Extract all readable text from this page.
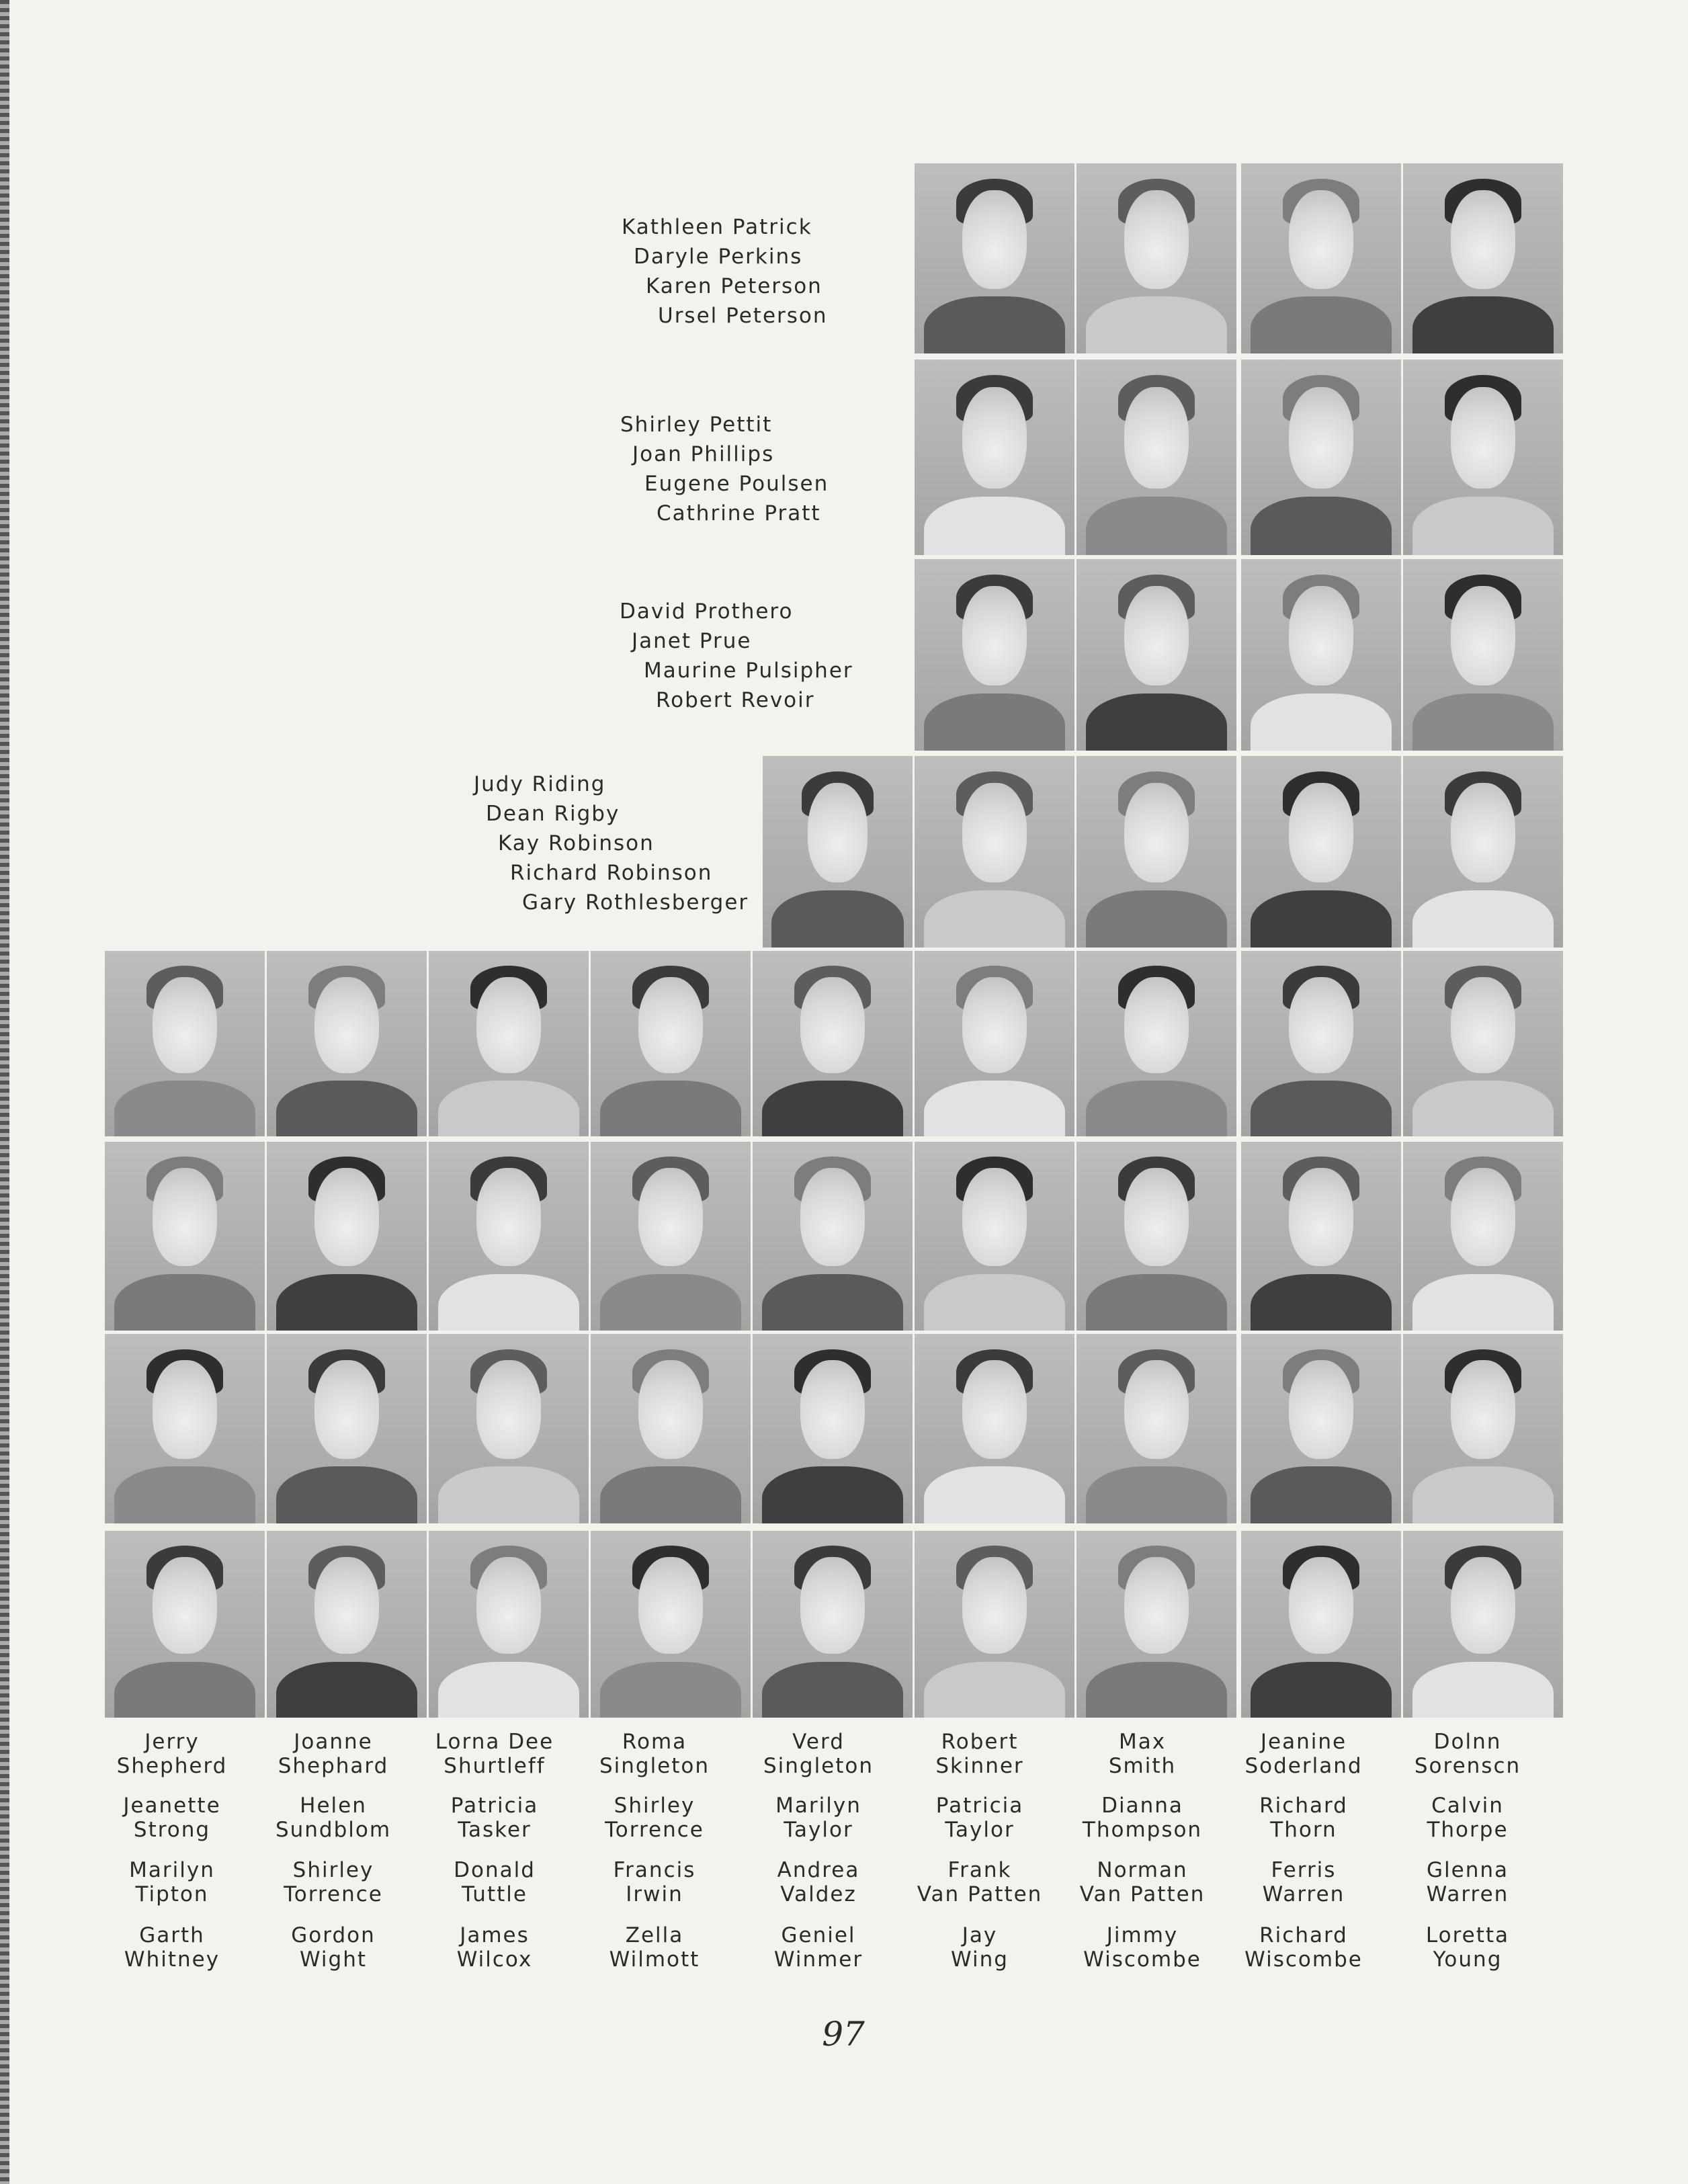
Kathleen Patrick
Daryle Perkins
Karen Peterson
Ursel Peterson
Shirley Pettit
Joan Phillips
Eugene Poulsen
Cathrine Pratt
David Prothero
Janet Prue
Maurine Pulsipher
Robert Revoir
Judy Riding
Dean Rigby
Kay Robinson
Richard Robinson
Gary Rothlesberger
Jerry
Shepherd
Joanne
Shephard
Lorna Dee
Shurtleff
Roma
Singleton
Verd
Singleton
Robert
Skinner
Max
Smith
Jeanine
Soderland
Dolnn
Sorenscn
Jeanette
Strong
Helen
Sundblom
Patricia
Tasker
Shirley
Torrence
Marilyn
Taylor
Patricia
Taylor
Dianna
Thompson
Richard
Thorn
Calvin
Thorpe
Marilyn
Tipton
Shirley
Torrence
Donald
Tuttle
Francis
Irwin
Andrea
Valdez
Frank
Van Patten
Norman
Van Patten
Ferris
Warren
Glenna
Warren
Garth
Whitney
Gordon
Wight
James
Wilcox
Zella
Wilmott
Geniel
Winmer
Jay
Wing
Jimmy
Wiscombe
Richard
Wiscombe
Loretta
Young
97
